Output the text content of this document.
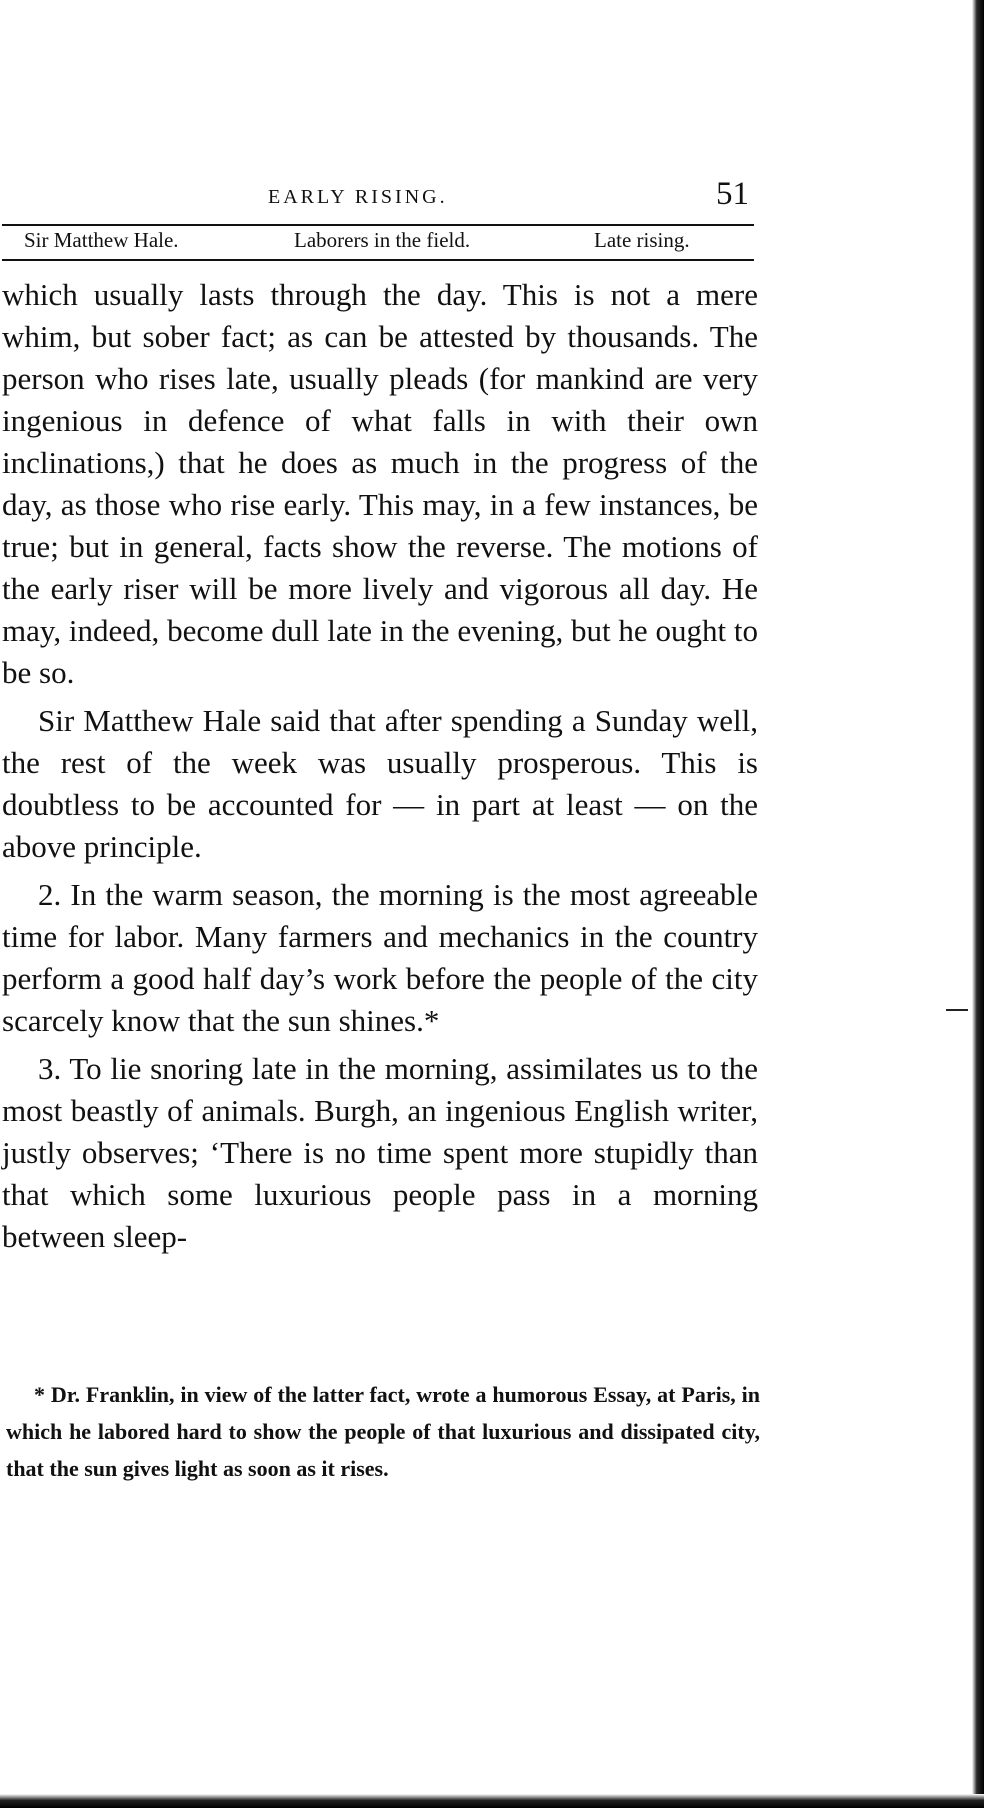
EARLY RISING.	51
Sir Matthew Hale.	Laborers in the field.	Late rising.

which usually lasts through the day. This is not a mere whim, but sober fact; as can be attested by thousands. The person who rises late, usually pleads (for mankind are very ingenious in defence of what falls in with their own inclinations,) that he does as much in the progress of the day, as those who rise early. This may, in a few instances, be true; but in general, facts show the reverse. The motions of the early riser will be more lively and vigorous all day. He may, indeed, become dull late in the evening, but he ought to be so.

Sir Matthew Hale said that after spending a Sunday well, the rest of the week was usually prosperous. This is doubtless to be accounted for — in part at least — on the above principle.

2. In the warm season, the morning is the most agreeable time for labor. Many farmers and mechanics in the country perform a good half day’s work before the people of the city scarcely know that the sun shines.*

3. To lie snoring late in the morning, assimilates us to the most beastly of animals. Burgh, an ingenious English writer, justly observes; ‘There is no time spent more stupidly than that which some luxurious people pass in a morning between sleep-

* Dr. Franklin, in view of the latter fact, wrote a humorous Essay, at Paris, in which he labored hard to show the people of that luxurious and dissipated city, that the sun gives light as soon as it rises.
